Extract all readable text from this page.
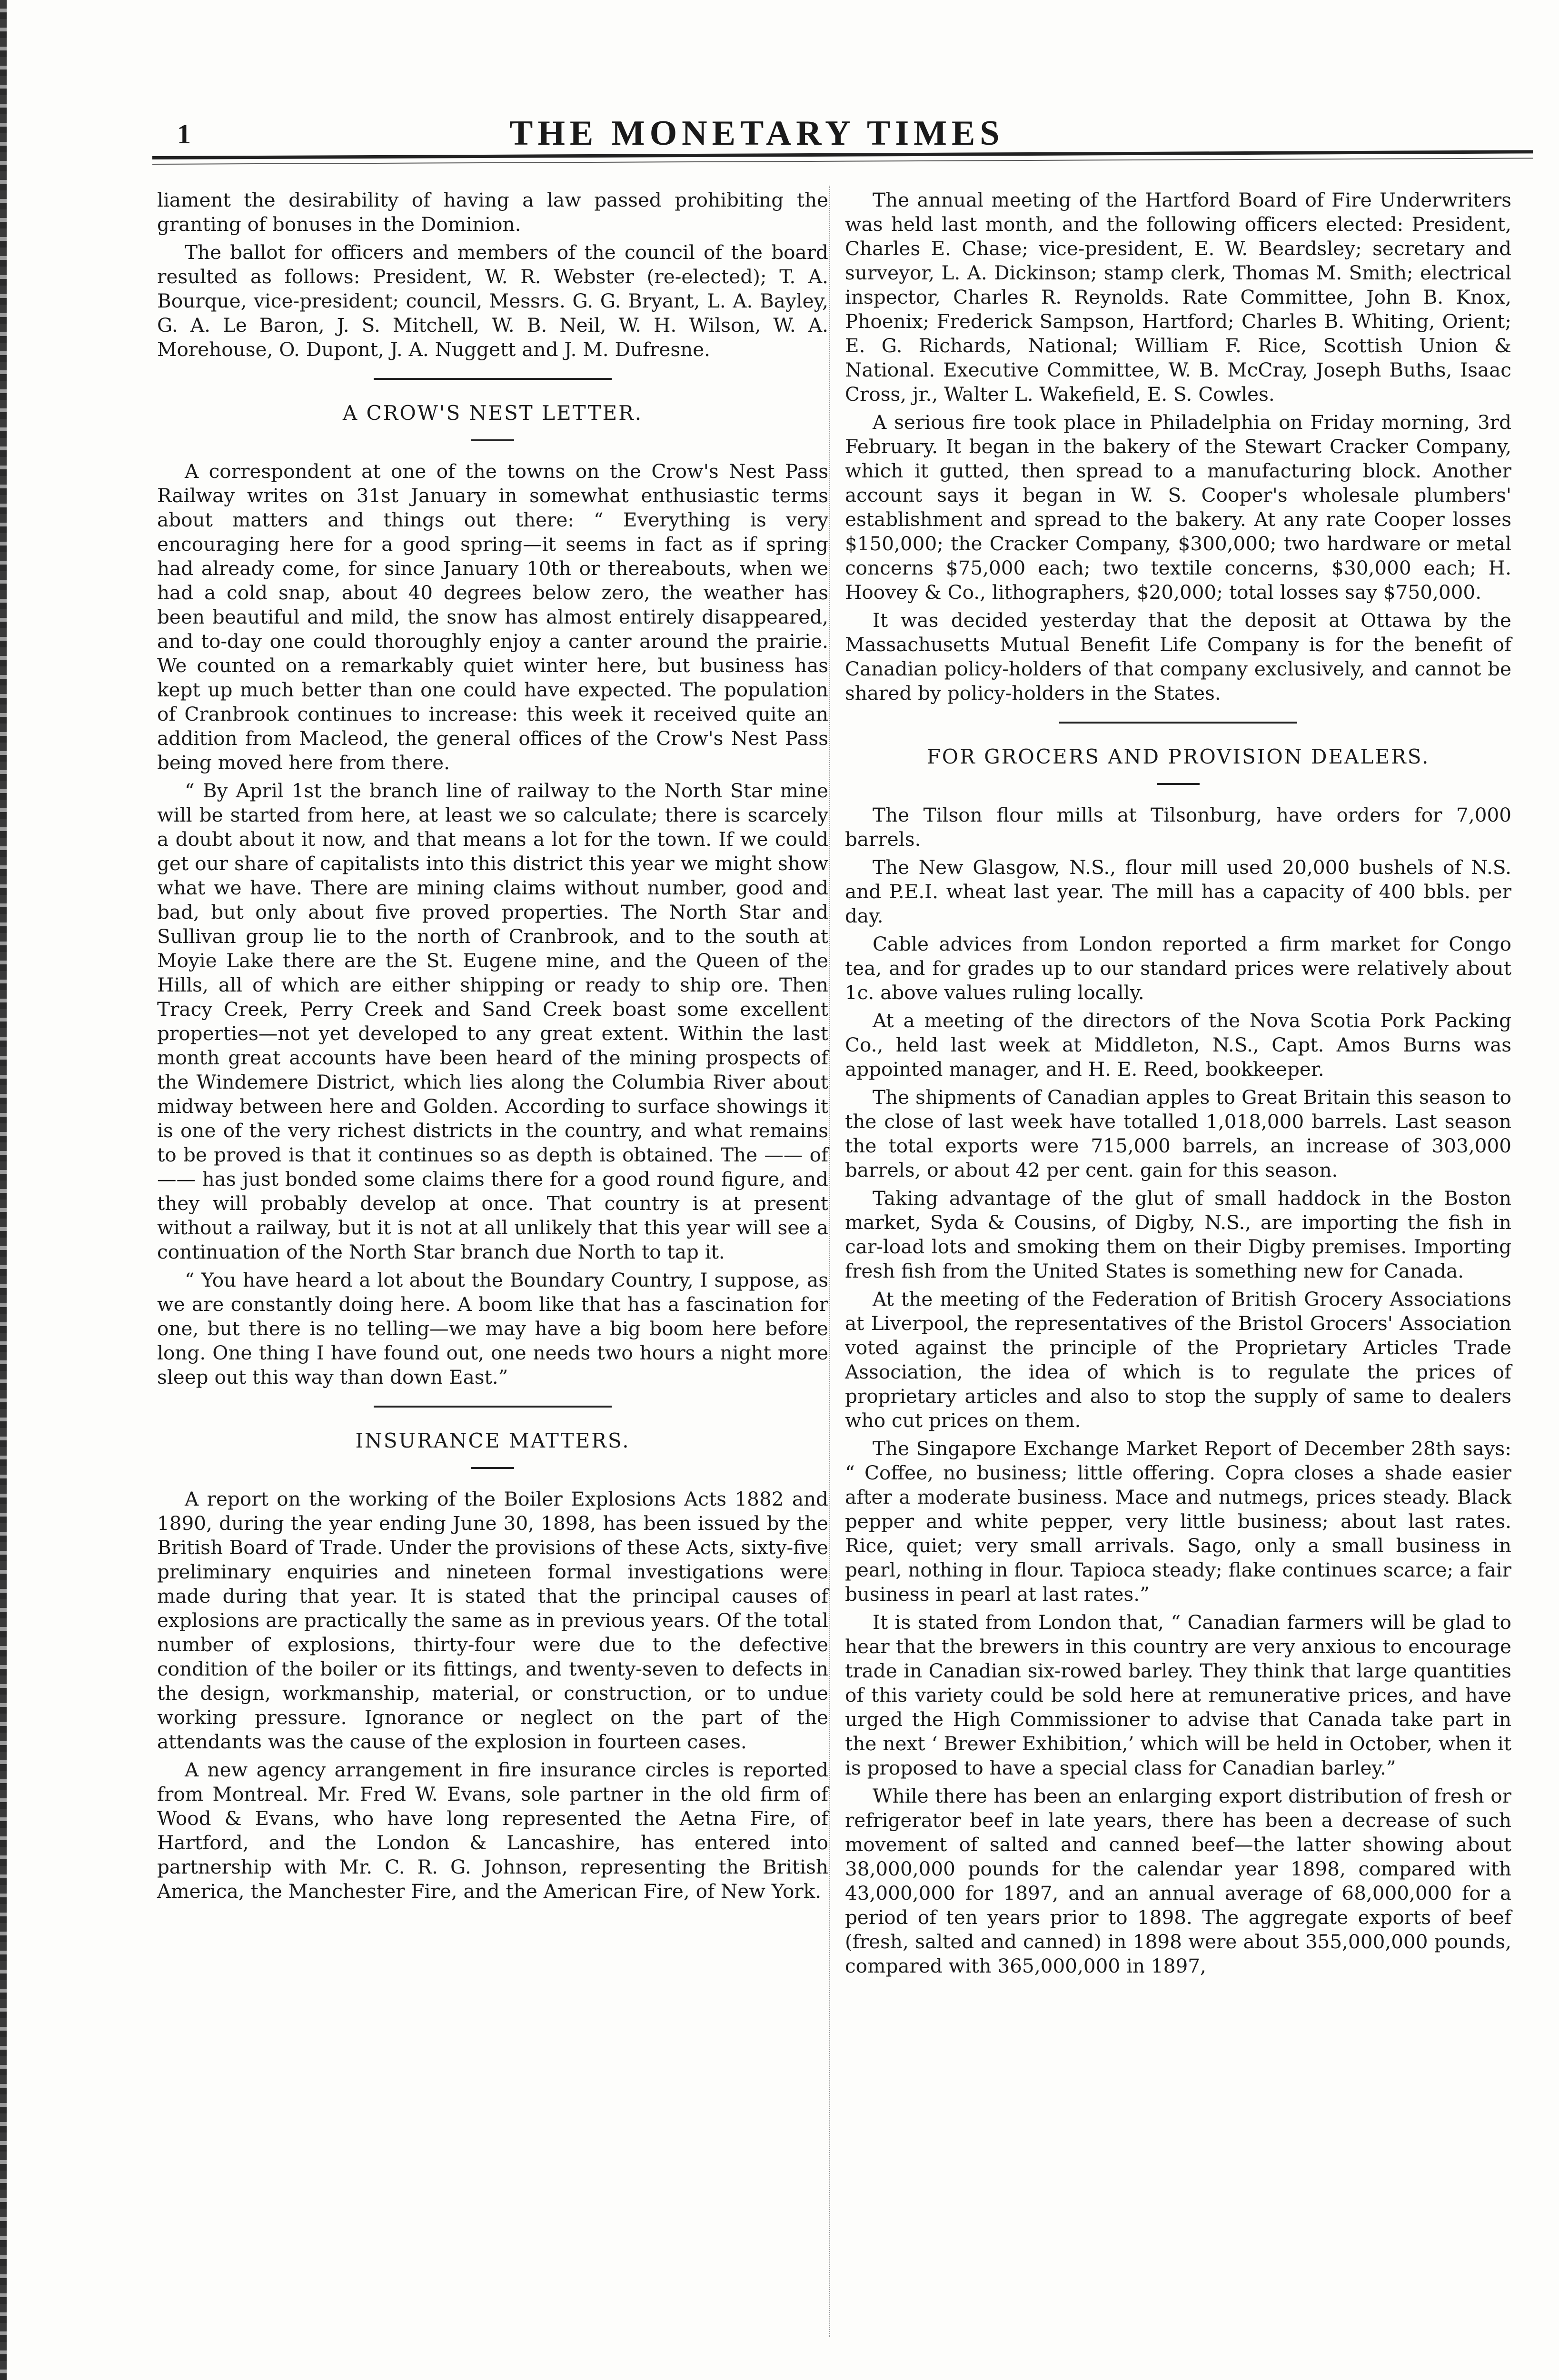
1	THE MONETARY TIMES

liament the desirability of having a law passed prohibiting the granting of bonuses in the Dominion.

The ballot for officers and members of the council of the board resulted as follows: President, W. R. Webster (re-elected); T. A. Bourque, vice-president; council, Messrs. G. G. Bryant, L. A. Bayley, G. A. Le Baron, J. S. Mitchell, W. B. Neil, W. H. Wilson, W. A. Morehouse, O. Dupont, J. A. Nuggett and J. M. Dufresne.

A CROW'S NEST LETTER.

A correspondent at one of the towns on the Crow's Nest Pass Railway writes on 31st January in somewhat enthusiastic terms about matters and things out there: “ Everything is very encouraging here for a good spring—it seems in fact as if spring had already come, for since January 10th or thereabouts, when we had a cold snap, about 40 degrees below zero, the weather has been beautiful and mild, the snow has almost entirely disappeared, and to-day one could thoroughly enjoy a canter around the prairie. We counted on a remarkably quiet winter here, but business has kept up much better than one could have expected. The population of Cranbrook continues to increase: this week it received quite an addition from Macleod, the general offices of the Crow's Nest Pass being moved here from there.

“ By April 1st the branch line of railway to the North Star mine will be started from here, at least we so calculate; there is scarcely a doubt about it now, and that means a lot for the town. If we could get our share of capitalists into this district this year we might show what we have. There are mining claims without number, good and bad, but only about five proved properties. The North Star and Sullivan group lie to the north of Cranbrook, and to the south at Moyie Lake there are the St. Eugene mine, and the Queen of the Hills, all of which are either shipping or ready to ship ore. Then Tracy Creek, Perry Creek and Sand Creek boast some excellent properties—not yet developed to any great extent. Within the last month great accounts have been heard of the mining prospects of the Windemere District, which lies along the Columbia River about midway between here and Golden. According to surface showings it is one of the very richest districts in the country, and what remains to be proved is that it continues so as depth is obtained. The —— of —— has just bonded some claims there for a good round figure, and they will probably develop at once. That country is at present without a railway, but it is not at all unlikely that this year will see a continuation of the North Star branch due North to tap it.

“ You have heard a lot about the Boundary Country, I suppose, as we are constantly doing here. A boom like that has a fascination for one, but there is no telling—we may have a big boom here before long. One thing I have found out, one needs two hours a night more sleep out this way than down East.”

INSURANCE MATTERS.

A report on the working of the Boiler Explosions Acts 1882 and 1890, during the year ending June 30, 1898, has been issued by the British Board of Trade. Under the provisions of these Acts, sixty-five preliminary enquiries and nineteen formal investigations were made during that year. It is stated that the principal causes of explosions are practically the same as in previous years. Of the total number of explosions, thirty-four were due to the defective condition of the boiler or its fittings, and twenty-seven to defects in the design, workmanship, material, or construction, or to undue working pressure. Ignorance or neglect on the part of the attendants was the cause of the explosion in fourteen cases.

A new agency arrangement in fire insurance circles is reported from Montreal. Mr. Fred W. Evans, sole partner in the old firm of Wood & Evans, who have long represented the Aetna Fire, of Hartford, and the London & Lancashire, has entered into partnership with Mr. C. R. G. Johnson, representing the British America, the Manchester Fire, and the American Fire, of New York.

The annual meeting of the Hartford Board of Fire Underwriters was held last month, and the following officers elected: President, Charles E. Chase; vice-president, E. W. Beardsley; secretary and surveyor, L. A. Dickinson; stamp clerk, Thomas M. Smith; electrical inspector, Charles R. Reynolds. Rate Committee, John B. Knox, Phoenix; Frederick Sampson, Hartford; Charles B. Whiting, Orient; E. G. Richards, National; William F. Rice, Scottish Union & National. Executive Committee, W. B. McCray, Joseph Buths, Isaac Cross, jr., Walter L. Wakefield, E. S. Cowles.

A serious fire took place in Philadelphia on Friday morning, 3rd February. It began in the bakery of the Stewart Cracker Company, which it gutted, then spread to a manufacturing block. Another account says it began in W. S. Cooper's wholesale plumbers' establishment and spread to the bakery. At any rate Cooper losses $150,000; the Cracker Company, $300,000; two hardware or metal concerns $75,000 each; two textile concerns, $30,000 each; H. Hoovey & Co., lithographers, $20,000; total losses say $750,000.

It was decided yesterday that the deposit at Ottawa by the Massachusetts Mutual Benefit Life Company is for the benefit of Canadian policy-holders of that company exclusively, and cannot be shared by policy-holders in the States.

FOR GROCERS AND PROVISION DEALERS.

The Tilson flour mills at Tilsonburg, have orders for 7,000 barrels.

The New Glasgow, N.S., flour mill used 20,000 bushels of N.S. and P.E.I. wheat last year. The mill has a capacity of 400 bbls. per day.

Cable advices from London reported a firm market for Congo tea, and for grades up to our standard prices were relatively about 1c. above values ruling locally.

At a meeting of the directors of the Nova Scotia Pork Packing Co., held last week at Middleton, N.S., Capt. Amos Burns was appointed manager, and H. E. Reed, bookkeeper.

The shipments of Canadian apples to Great Britain this season to the close of last week have totalled 1,018,000 barrels. Last season the total exports were 715,000 barrels, an increase of 303,000 barrels, or about 42 per cent. gain for this season.

Taking advantage of the glut of small haddock in the Boston market, Syda & Cousins, of Digby, N.S., are importing the fish in car-load lots and smoking them on their Digby premises. Importing fresh fish from the United States is something new for Canada.

At the meeting of the Federation of British Grocery Associations at Liverpool, the representatives of the Bristol Grocers' Association voted against the principle of the Proprietary Articles Trade Association, the idea of which is to regulate the prices of proprietary articles and also to stop the supply of same to dealers who cut prices on them.

The Singapore Exchange Market Report of December 28th says: “ Coffee, no business; little offering. Copra closes a shade easier after a moderate business. Mace and nutmegs, prices steady. Black pepper and white pepper, very little business; about last rates. Rice, quiet; very small arrivals. Sago, only a small business in pearl, nothing in flour. Tapioca steady; flake continues scarce; a fair business in pearl at last rates.”

It is stated from London that, “ Canadian farmers will be glad to hear that the brewers in this country are very anxious to encourage trade in Canadian six-rowed barley. They think that large quantities of this variety could be sold here at remunerative prices, and have urged the High Commissioner to advise that Canada take part in the next ‘ Brewer Exhibition,’ which will be held in October, when it is proposed to have a special class for Canadian barley.”

While there has been an enlarging export distribution of fresh or refrigerator beef in late years, there has been a decrease of such movement of salted and canned beef—the latter showing about 38,000,000 pounds for the calendar year 1898, compared with 43,000,000 for 1897, and an annual average of 68,000,000 for a period of ten years prior to 1898. The aggregate exports of beef (fresh, salted and canned) in 1898 were about 355,000,000 pounds, compared with 365,000,000 in 1897,
